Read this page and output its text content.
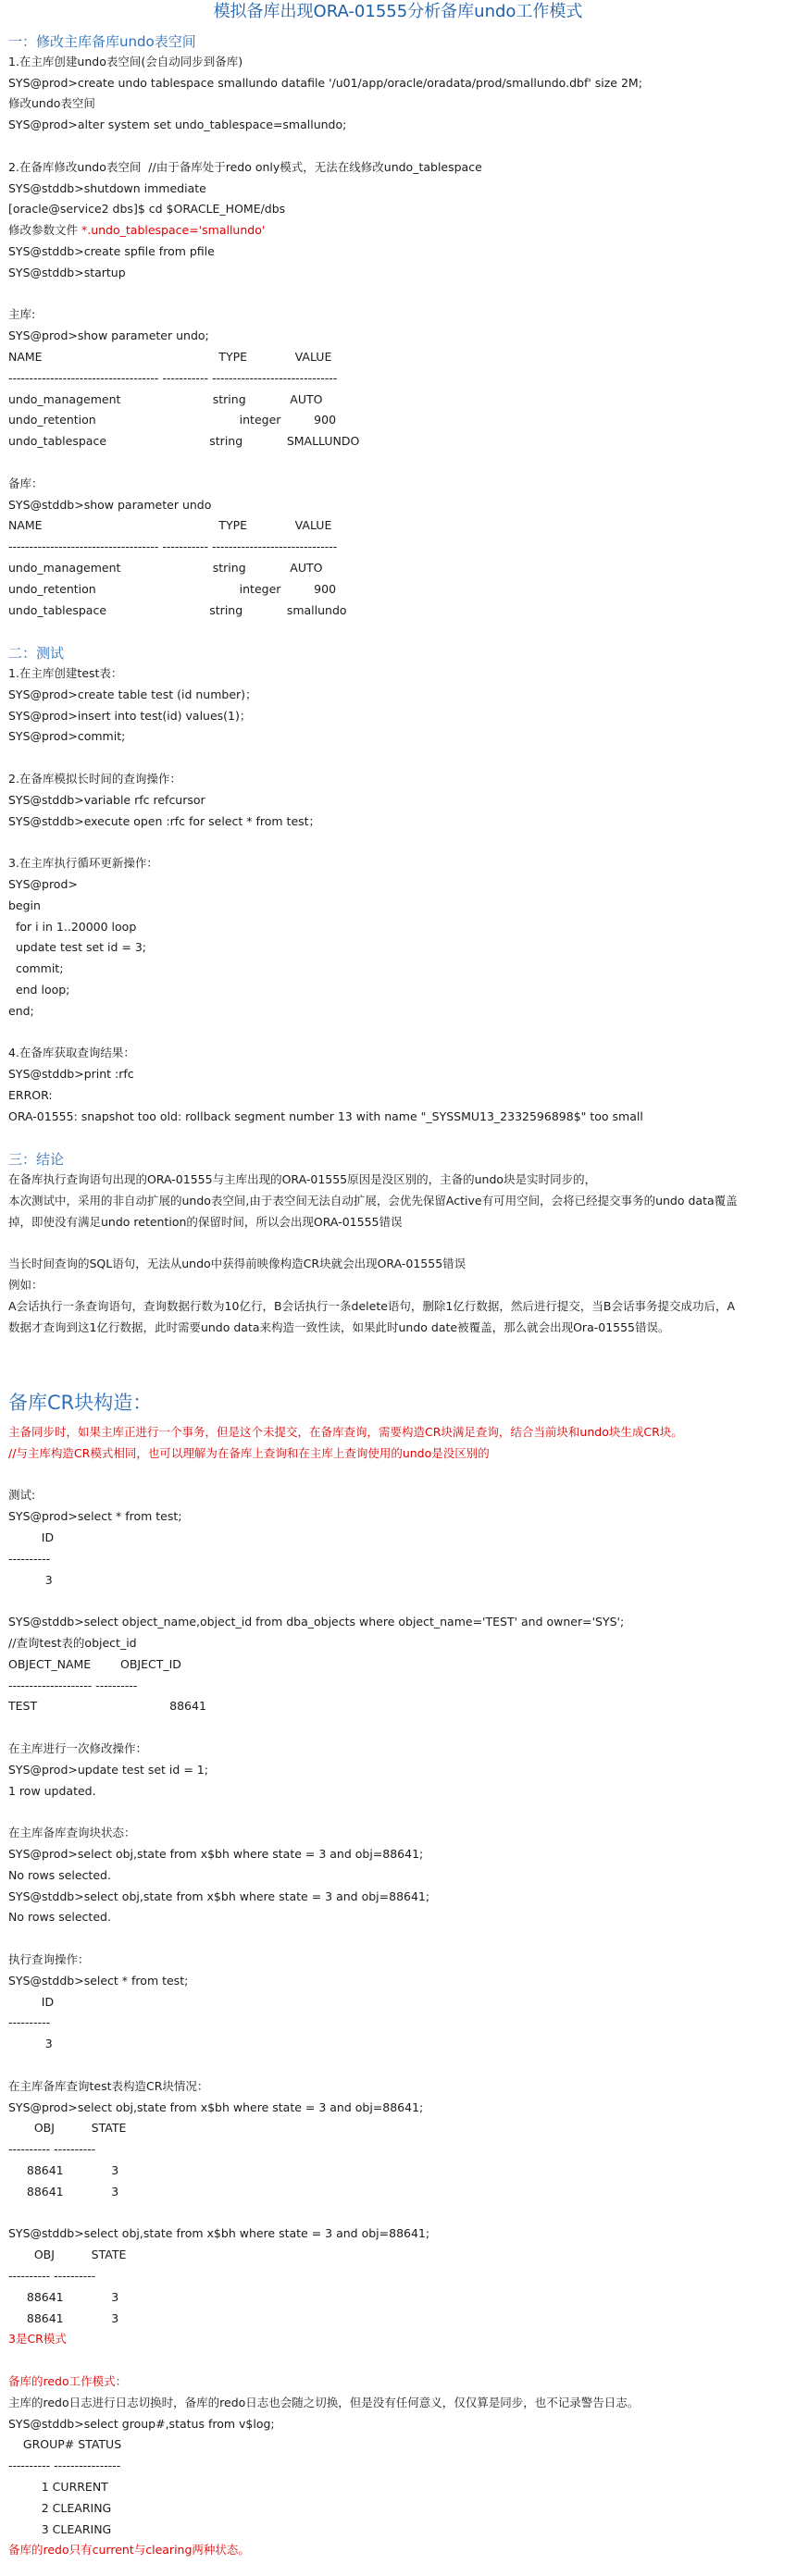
模拟备库出现ORA-01555分析备库undo工作模式
一：修改主库备库undo表空间
1.在主库创建undo表空间(会自动同步到备库)
SYS@prod>create undo tablespace smallundo datafile '/u01/app/oracle/oradata/prod/smallundo.dbf' size 2M;
修改undo表空间
SYS@prod>alter system set undo_tablespace=smallundo;
2.在备库修改undo表空间  //由于备库处于redo only模式，无法在线修改undo_tablespace
SYS@stddb>shutdown immediate
[oracle@service2 dbs]$ cd $ORACLE_HOME/dbs
修改参数文件 *.undo_tablespace='smallundo'
SYS@stddb>create spfile from pfile
SYS@stddb>startup
主库:
SYS@prod>show parameter undo;
NAME                                                TYPE             VALUE
------------------------------------ ----------- ------------------------------
undo_management                         string            AUTO
undo_retention                                       integer         900
undo_tablespace                            string            SMALLUNDO
备库：
SYS@stddb>show parameter undo
NAME                                                TYPE             VALUE
------------------------------------ ----------- ------------------------------
undo_management                         string            AUTO
undo_retention                                       integer         900
undo_tablespace                            string            smallundo
二：测试
1.在主库创建test表：
SYS@prod>create table test (id number)；
SYS@prod>insert into test(id) values(1)；
SYS@prod>commit;
2.在备库模拟长时间的查询操作：
SYS@stddb>variable rfc refcursor
SYS@stddb>execute open :rfc for select * from test；
3.在主库执行循环更新操作：
SYS@prod>
begin
for i in 1..20000 loop
update test set id = 3;
commit;
end loop;
end;
4.在备库获取查询结果：
SYS@stddb>print :rfc
ERROR:
ORA-01555: snapshot too old: rollback segment number 13 with name "_SYSSMU13_2332596898$" too small
三：结论
在备库执行查询语句出现的ORA-01555与主库出现的ORA-01555原因是没区别的，主备的undo块是实时同步的，
本次测试中，采用的非自动扩展的undo表空间,由于表空间无法自动扩展，会优先保留Active有可用空间，会将已经提交事务的undo data覆盖
掉，即使没有满足undo retention的保留时间，所以会出现ORA-01555错误
当长时间查询的SQL语句，无法从undo中获得前映像构造CR块就会出现ORA-01555错误
例如：
A会话执行一条查询语句，查询数据行数为10亿行，B会话执行一条delete语句，删除1亿行数据，然后进行提交，当B会话事务提交成功后，A
数据才查询到这1亿行数据，此时需要undo data来构造一致性读，如果此时undo date被覆盖，那么就会出现Ora-01555错误。
备库CR块构造：
主备同步时，如果主库正进行一个事务，但是这个未提交，在备库查询，需要构造CR块满足查询，结合当前块和undo块生成CR块。
//与主库构造CR模式相同，也可以理解为在备库上查询和在主库上查询使用的undo是没区别的
测试:
SYS@prod>select * from test;
ID
----------
3
SYS@stddb>select object_name,object_id from dba_objects where object_name='TEST' and owner='SYS';
//查询test表的object_id
OBJECT_NAME        OBJECT_ID
-------------------- ----------
TEST                                    88641
在主库进行一次修改操作：
SYS@prod>update test set id = 1;
1 row updated.
在主库备库查询块状态：
SYS@prod>select obj,state from x$bh where state = 3 and obj=88641;
No rows selected.
SYS@stddb>select obj,state from x$bh where state = 3 and obj=88641;
No rows selected.
执行查询操作：
SYS@stddb>select * from test;
ID
----------
3
在主库备库查询test表构造CR块情况：
SYS@prod>select obj,state from x$bh where state = 3 and obj=88641;
OBJ          STATE
---------- ----------
88641             3
88641             3
SYS@stddb>select obj,state from x$bh where state = 3 and obj=88641;
OBJ          STATE
---------- ----------
88641             3
88641             3
3是CR模式
备库的redo工作模式：
主库的redo日志进行日志切换时，备库的redo日志也会随之切换，但是没有任何意义，仅仅算是同步，也不记录警告日志。
SYS@stddb>select group#,status from v$log;
GROUP# STATUS
---------- ----------------
1 CURRENT
2 CLEARING
3 CLEARING
备库的redo只有current与clearing两种状态。
